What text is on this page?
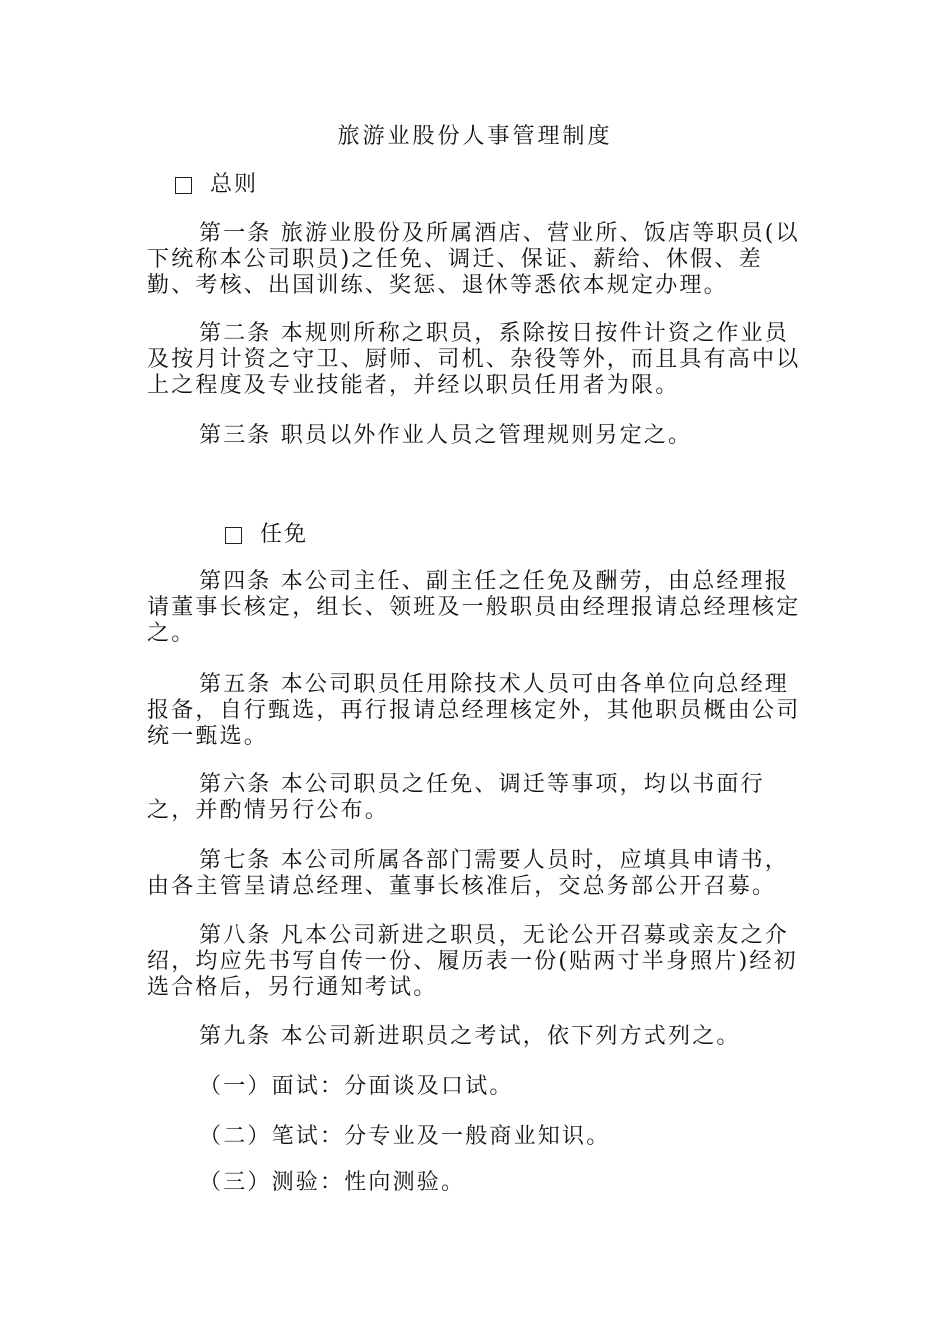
旅游业股份人事管理制度
总则

第一条 旅游业股份及所属酒店、营业所、饭店等职员(以下统称本公司职员)之任免、调迁、保证、薪给、休假、差勤、考核、出国训练、奖惩、退休等悉依本规定办理。

第二条 本规则所称之职员，系除按日按件计资之作业员及按月计资之守卫、厨师、司机、杂役等外，而且具有高中以上之程度及专业技能者，并经以职员任用者为限。

第三条 职员以外作业人员之管理规则另定之。

任免

第四条 本公司主任、副主任之任免及酬劳，由总经理报请董事长核定，组长、领班及一般职员由经理报请总经理核定之。

第五条 本公司职员任用除技术人员可由各单位向总经理报备，自行甄选，再行报请总经理核定外，其他职员概由公司统一甄选。

第六条 本公司职员之任免、调迁等事项，均以书面行之，并酌情另行公布。

第七条 本公司所属各部门需要人员时，应填具申请书，由各主管呈请总经理、董事长核准后，交总务部公开召募。

第八条 凡本公司新进之职员，无论公开召募或亲友之介绍，均应先书写自传一份、履历表一份(贴两寸半身照片)经初选合格后，另行通知考试。

第九条 本公司新进职员之考试，依下列方式列之。

（一）面试：分面谈及口试。
（二）笔试：分专业及一般商业知识。
（三）测验：性向测验。
